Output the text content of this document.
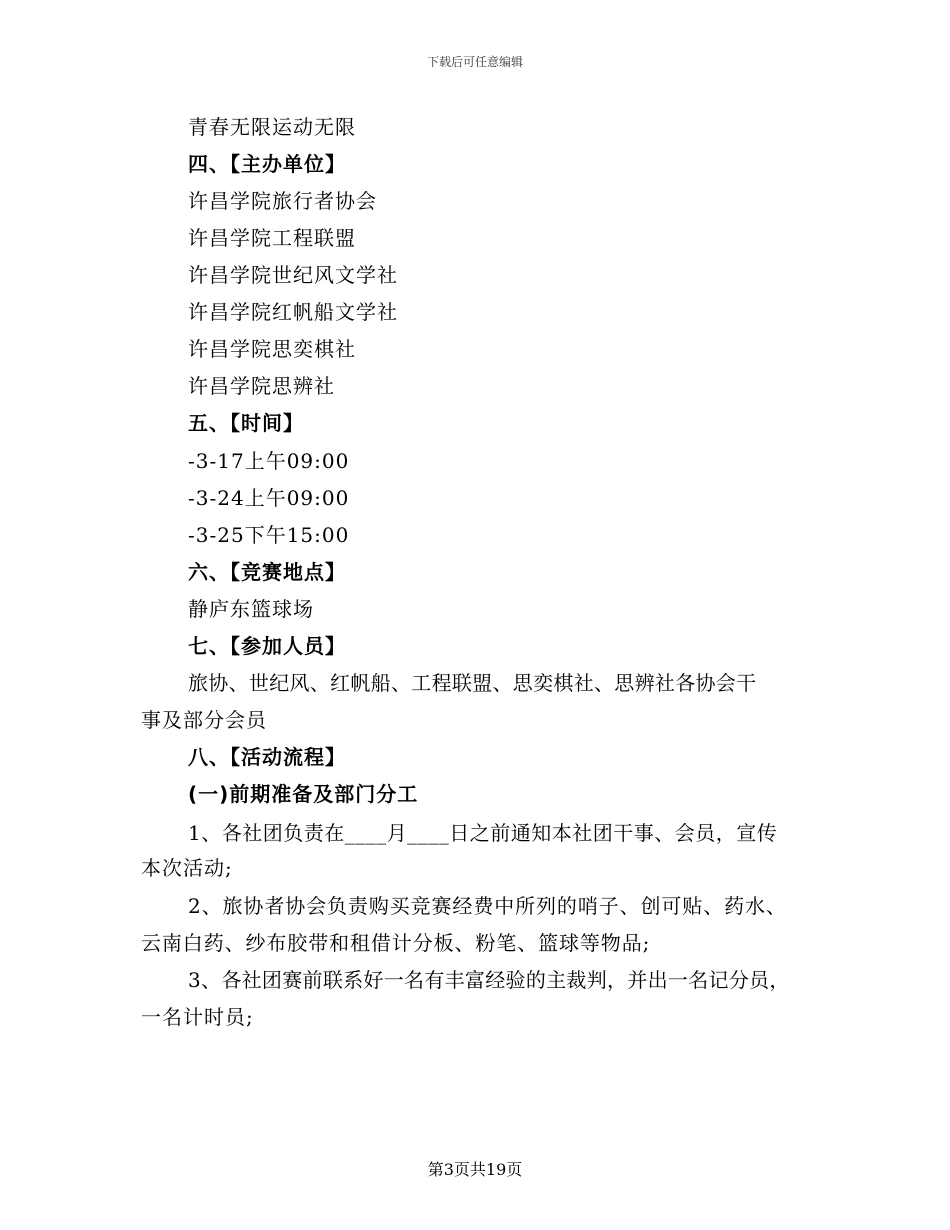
下载后可任意编辑
青春无限运动无限
四、【主办单位】
许昌学院旅行者协会
许昌学院工程联盟
许昌学院世纪风文学社
许昌学院红帆船文学社
许昌学院思奕棋社
许昌学院思辨社
五、【时间】
-3-17上午09:00
-3-24上午09:00
-3-25下午15:00
六、【竞赛地点】
静庐东篮球场
七、【参加人员】
旅协、世纪风、红帆船、工程联盟、思奕棋社、思辨社各协会干
事及部分会员
八、【活动流程】
(一)前期准备及部门分工
1、各社团负责在____月____日之前通知本社团干事、会员，宣传
本次活动;
2、旅协者协会负责购买竞赛经费中所列的哨子、创可贴、药水、
云南白药、纱布胶带和租借计分板、粉笔、篮球等物品;
3、各社团赛前联系好一名有丰富经验的主裁判，并出一名记分员，
一名计时员;
第3页共19页
